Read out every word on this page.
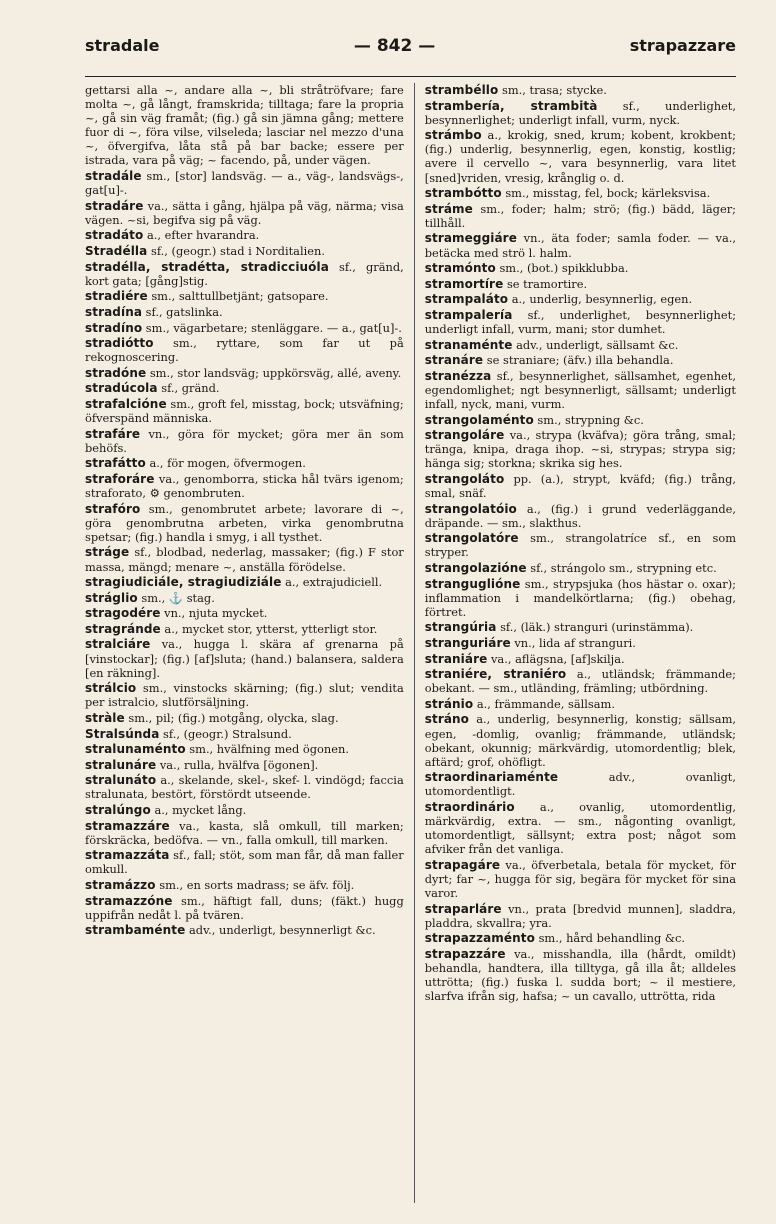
stradale	— 842 —	strapazzare

gettarsi alla ~, andare alla ~, bli stråtröfvare; fare molta ~, gå långt, framskrida; tilltaga; fare la propria ~, gå sin väg framåt; (fig.) gå sin jämna gång; mettere fuor di ~, föra vilse, vilseleda; lasciar nel mezzo d'una ~, öfvergifva, låta stå på bar backe; essere per istrada, vara på väg; ~ facendo, på, under vägen.

stradále sm., [stor] landsväg. — a., väg-, landsvägs-, gat[u]-.

stradáre va., sätta i gång, hjälpa på väg, närma; visa vägen. ~si, begifva sig på väg.

stradáto a., efter hvarandra.

Stradélla sf., (geogr.) stad i Norditalien.

stradélla, stradétta, stradicciuóla sf., gränd, kort gata; [gång]stig.

stradiére sm., salttullbetjänt; gatsopare.

stradína sf., gatslinka.

stradíno sm., vägarbetare; stenläggare. — a., gat[u]-.

stradiótto sm., ryttare, som far ut på rekognoscering.

stradóne sm., stor landsväg; uppkörsväg, allé, aveny.

stradúcola sf., gränd.

strafalcióne sm., groft fel, misstag, bock; utsväfning; öfverspänd människa.

strafáre vn., göra för mycket; göra mer än som behöfs.

strafátto a., för mogen, öfvermogen.

straforáre va., genomborra, sticka hål tvärs igenom; straforato, ⚙ genombruten.

strafóro sm., genombrutet arbete; lavorare di ~, göra genombrutna arbeten, virka genombrutna spetsar; (fig.) handla i smyg, i all tysthet.

strágе sf., blodbad, nederlag, massaker; (fig.) F stor massa, mängd; menare ~, anställa förödelse.

stragiudiciále, stragiudiziále a., extrajudiciell.

stráglio sm., ⚓ stag.

stragodére vn., njuta mycket.

stragránde a., mycket stor, ytterst, ytterligt stor.

stralciáre va., hugga l. skära af grenarna på [vinstockar]; (fig.) [af]sluta; (hand.) balansera, saldera [en räkning].

strálcio sm., vinstocks skärning; (fig.) slut; vendita per istralcio, slutförsäljning.

stràle sm., pil; (fig.) motgång, olycka, slag.

Stralsúnda sf., (geogr.) Stralsund.

stralunaménto sm., hvälfning med ögonen.

stralunáre va., rulla, hvälfva [ögonen].

stralunáto a., skelande, skel-, skef- l. vindögd; faccia stralunata, bestört, förstördt utseende.

stralúngo a., mycket lång.

stramazzáre va., kasta, slå omkull, till marken; förskräcka, bedöfva. — vn., falla omkull, till marken.

stramazzáta sf., fall; stöt, som man får, då man faller omkull.

stramázzo sm., en sorts madrass; se äfv. följ.

stramazzóne sm., häftigt fall, duns; (fäkt.) hugg uppifrån nedåt l. på tvären.

strambaménte adv., underligt, besynnerligt &c.

strambéllo sm., trasa; stycke.

strambería, strambità sf., underlighet, besynnerlighet; underligt infall, vurm, nyck.

strámbo a., krokig, sned, krum; kobent, krokbent; (fig.) underlig, besynnerlig, egen, konstig, kostlig; avere il cervello ~, vara besynnerlig, vara litet [sned]vriden, vresig, krånglig o. d.

strambótto sm., misstag, fel, bock; kärleksvisa.

stráme sm., foder; halm; strö; (fig.) bädd, läger; tillhåll.

strameggiáre vn., äta foder; samla foder. — va., betäcka med strö l. halm.

stramónto sm., (bot.) spikklubba.

stramortíre se tramortire.

strampaláto a., underlig, besynnerlig, egen.

strampalería sf., underlighet, besynnerlighet; underligt infall, vurm, mani; stor dumhet.

stranaménte adv., underligt, sällsamt &c.

stranáre se straniare; (äfv.) illa behandla.

stranézza sf., besynnerlighet, sällsamhet, egenhet, egendomlighet; ngt besynnerligt, sällsamt; underligt infall, nyck, mani, vurm.

strangolaménto sm., strypning &c.

strangoláre va., strypa (kväfva); göra trång, smal; tränga, knipa, draga ihop. ~si, strypas; strypa sig; hänga sig; storkna; skrika sig hes.

strangoláto pp. (a.), strypt, kväfd; (fig.) trång, smal, snäf.

strangolatóio a., (fig.) i grund vederläggande, dräpande. — sm., slakthus.

strangolatóre sm., strangolatríce sf., en som stryper.

strangolazióne sf., strángolo sm., strypning etc.

stranguglióne sm., strypsjuka (hos hästar o. oxar); inflammation i mandelkörtlarna; (fig.) obehag, förtret.

strangúria sf., (läk.) stranguri (urinstämma).

stranguriáre vn., lida af stranguri.

straniáre va., aflägsna, [af]skilja.

straniére, straniéro a., utländsk; främmande; obekant. — sm., utländing, främling; utbördning.

stránio a., främmande, sällsam.

stráno a., underlig, besynnerlig, konstig; sällsam, egen, -domlig, ovanlig; främmande, utländsk; obekant, okunnig; märkvärdig, utomordentlig; blek, aftärd; grof, ohöfligt.

straordinariaménte adv., ovanligt, utomordentligt.

straordinário a., ovanlig, utomordentlig, märkvärdig, extra. — sm., någonting ovanligt, utomordentligt, sällsynt; extra post; något som afviker från det vanliga.

strapagáre va., öfverbetala, betala för mycket, för dyrt; far ~, hugga för sig, begära för mycket för sina varor.

straparláre vn., prata [bredvid munnen], sladdra, pladdra, skvallra; yra.

strapazzaménto sm., hård behandling &c.

strapazzáre va., misshandla, illa (hårdt, omildt) behandla, handtera, illa tilltyga, gå illa åt; alldeles uttrötta; (fig.) fuska l. sudda bort; ~ il mestiere, slarfva ifrån sig, hafsa; ~ un cavallo, uttrötta, rida
